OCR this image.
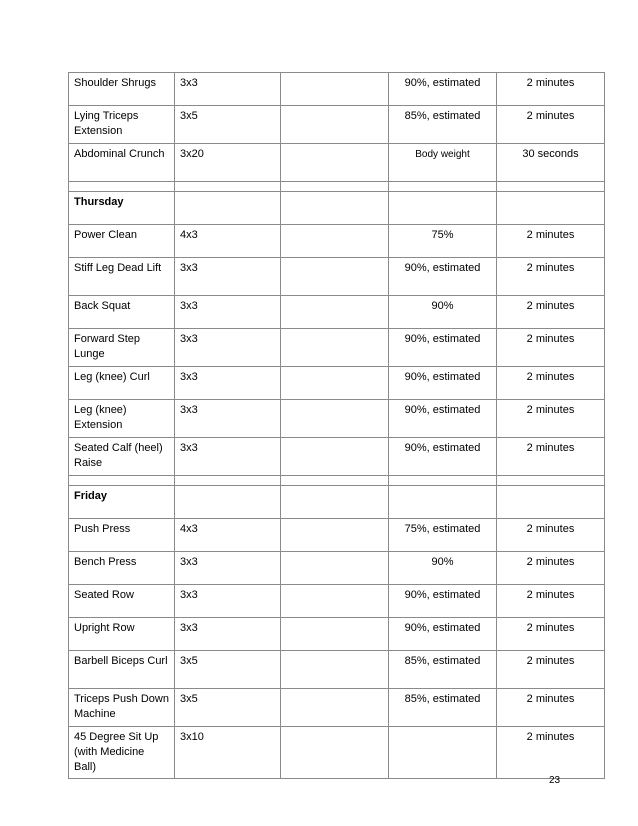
Shoulder Shrugs	3x3		90%, estimated	2 minutes
Lying Triceps Extension	3x5		85%, estimated	2 minutes
Abdominal Crunch	3x20		Body weight	30 seconds

Thursday				
Power Clean	4x3		75%	2 minutes
Stiff Leg Dead Lift	3x3		90%, estimated	2 minutes
Back Squat	3x3		90%	2 minutes
Forward Step Lunge	3x3		90%, estimated	2 minutes
Leg (knee) Curl	3x3		90%, estimated	2 minutes
Leg (knee) Extension	3x3		90%, estimated	2 minutes
Seated Calf (heel) Raise	3x3		90%, estimated	2 minutes

Friday				
Push Press	4x3		75%, estimated	2 minutes
Bench Press	3x3		90%	2 minutes
Seated Row	3x3		90%, estimated	2 minutes
Upright Row	3x3		90%, estimated	2 minutes
Barbell Biceps Curl	3x5		85%, estimated	2 minutes
Triceps Push Down Machine	3x5		85%, estimated	2 minutes
45 Degree Sit Up (with Medicine Ball)	3x10			2 minutes
23
